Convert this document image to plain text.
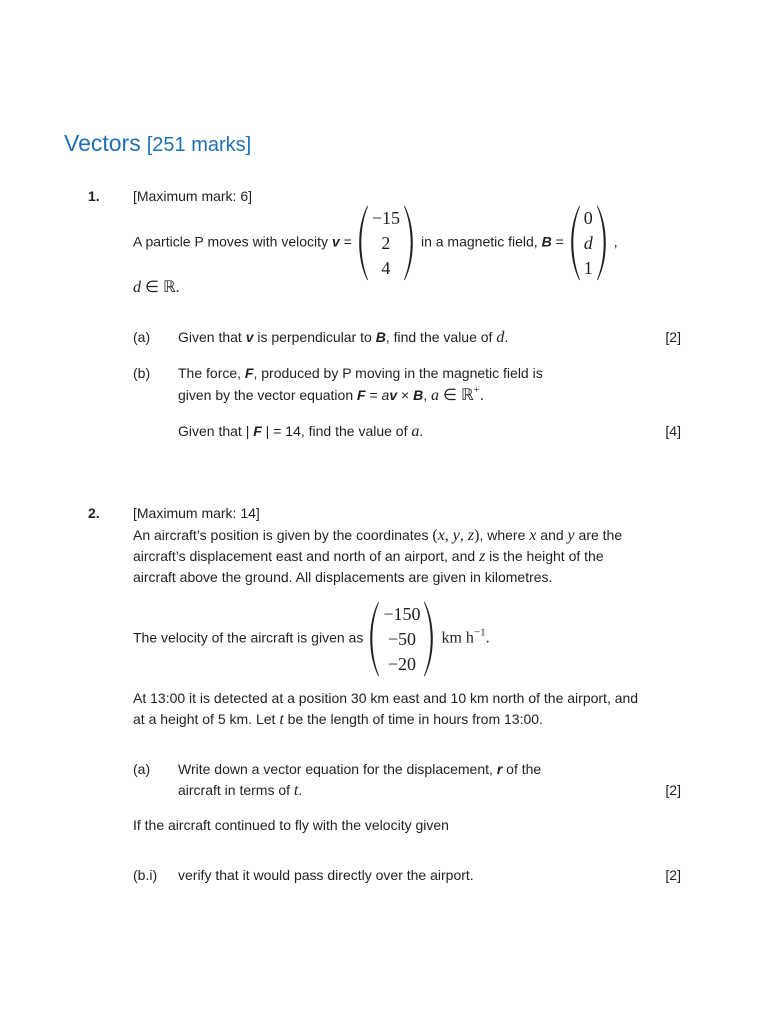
Vectors [251 marks]
1. [Maximum mark: 6]
A particle P moves with velocity v =
−15
2
4
in a magnetic field, B =
0
d
1
,
d ∈ ℝ.
(a)	Given that v is perpendicular to B, find the value of d.	[2]
(b)	The force, F, produced by P moving in the magnetic field is
given by the vector equation F = av × B, a ∈ ℝ+.
Given that | F | = 14, find the value of a.	[4]
2. [Maximum mark: 14]
An aircraft’s position is given by the coordinates (x, y, z), where x and y are the
aircraft’s displacement east and north of an airport, and z is the height of the
aircraft above the ground. All displacements are given in kilometres.
The velocity of the aircraft is given as
−150
−50
−20
km $h^{-1}$.
At 13:00 it is detected at a position 30 km east and 10 km north of the airport, and
at a height of 5 km. Let t be the length of time in hours from 13:00.
(a)	Write down a vector equation for the displacement, r of the
aircraft in terms of t.	[2]
If the aircraft continued to fly with the velocity given
(b.i)	verify that it would pass directly over the airport.	[2]
